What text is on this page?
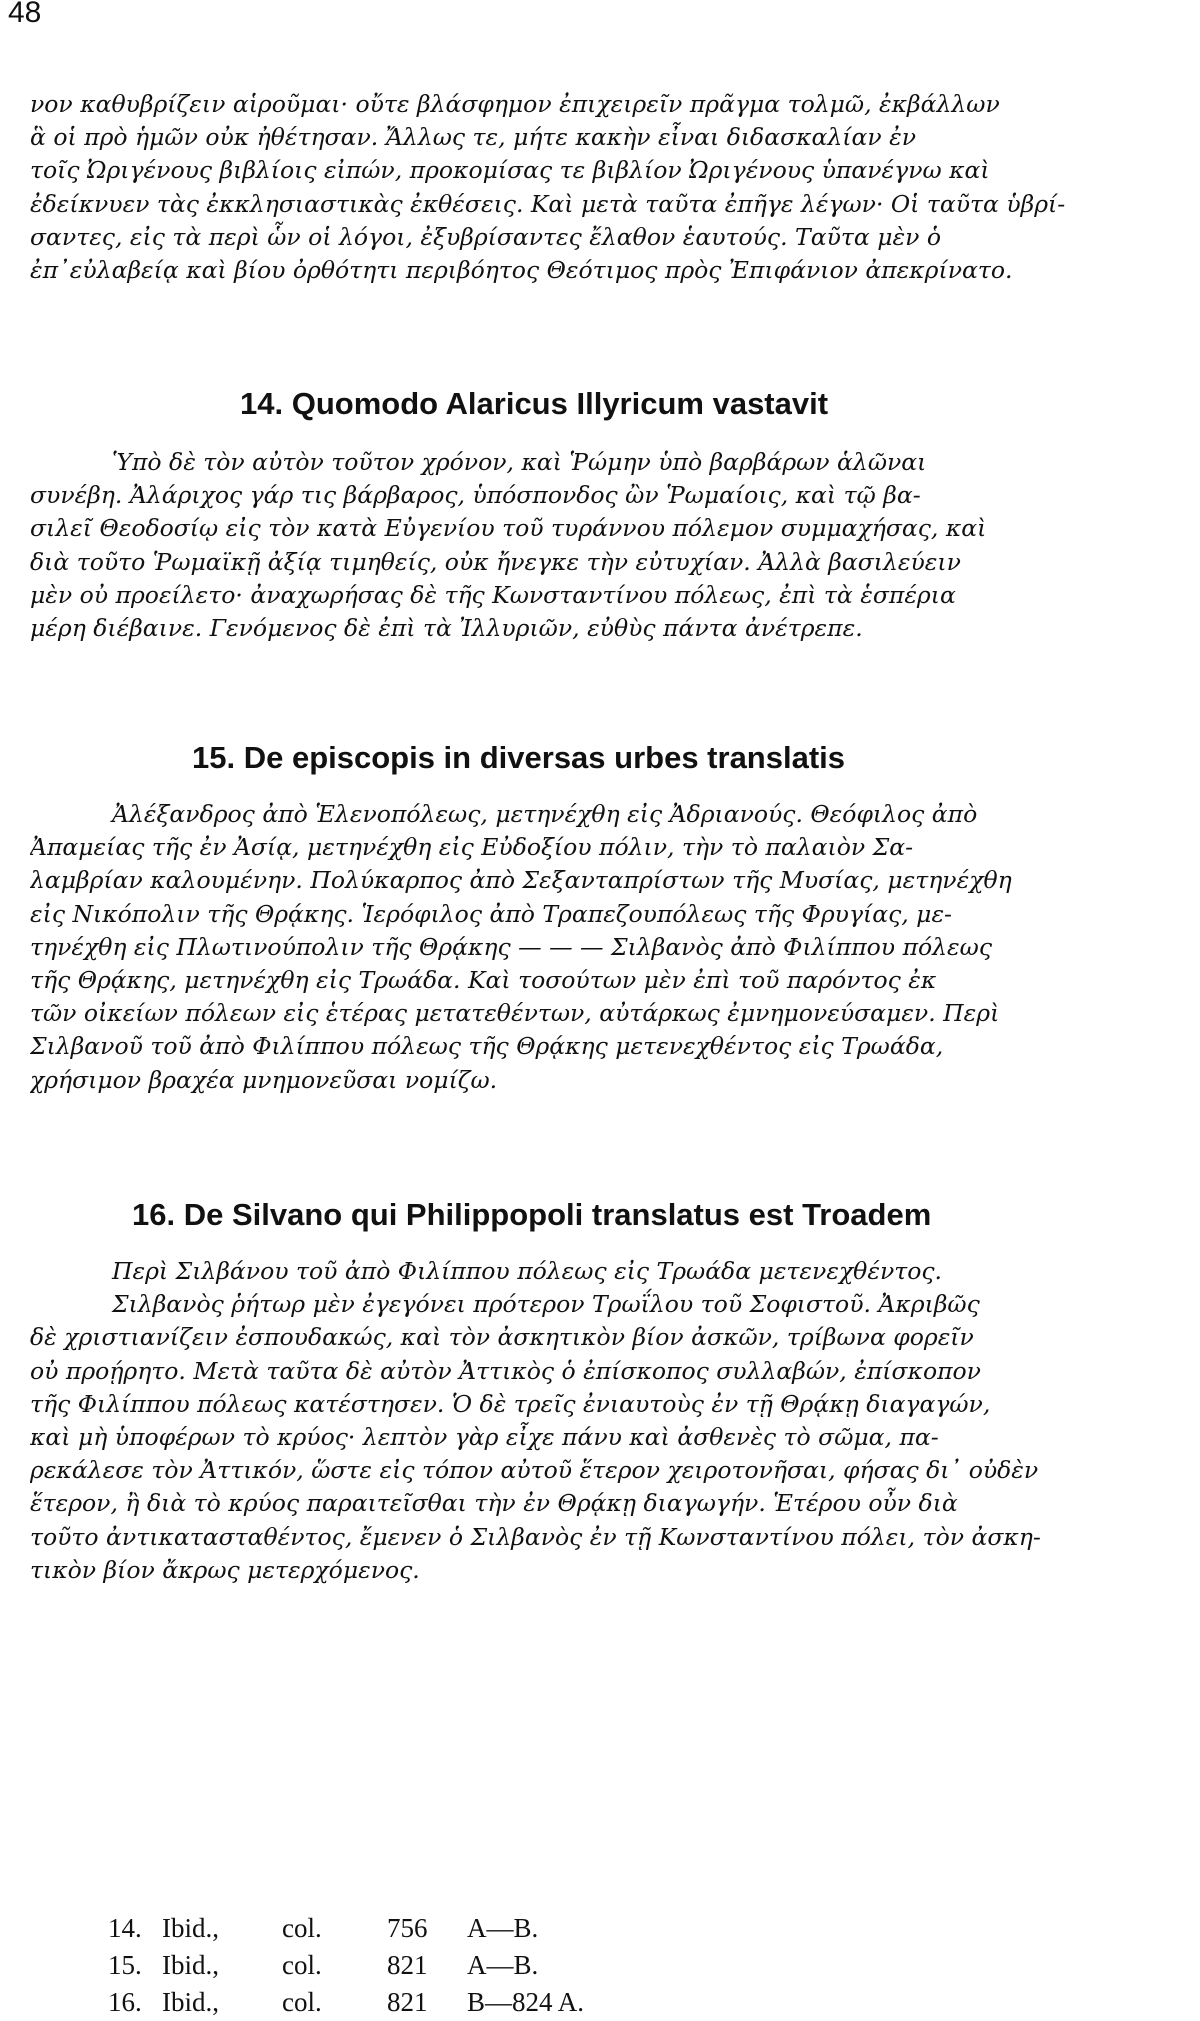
48
νον καθυβρίζειν αἱροῦμαι· οὔτε βλάσφημον ἐπιχειρεῖν πρᾶγμα τολμῶ, ἐκβάλλων
ἃ οἱ πρὸ ἡμῶν οὐκ ἠθέτησαν. Ἄλλως τε, μήτε κακὴν εἶναι διδασκαλίαν ἐν
τοῖς Ὠριγένους βιβλίοις εἰπών, προκομίσας τε βιβλίον Ὠριγένους ὑπανέγνω καὶ
ἐδείκνυεν τὰς ἐκκλησιαστικὰς ἐκθέσεις. Καὶ μετὰ ταῦτα ἐπῆγε λέγων· Οἱ ταῦτα ὑβρί-
σαντες, εἰς τὰ περὶ ὧν οἱ λόγοι, ἐξυβρίσαντες ἔλαθον ἑαυτούς. Ταῦτα μὲν ὁ
ἐπ᾿εὐλαβείᾳ καὶ βίου ὀρθότητι περιβόητος Θεότιμος πρὸς Ἐπιφάνιον ἀπεκρίνατο.
14. Quomodo Alaricus Illyricum vastavit
Ὑπὸ δὲ τὸν αὐτὸν τοῦτον χρόνον, καὶ Ῥώμην ὑπὸ βαρβάρων ἁλῶναι
συνέβη. Ἀλάριχος γάρ τις βάρβαρος, ὑπόσπονδος ὢν Ῥωμαίοις, καὶ τῷ βα-
σιλεῖ Θεοδοσίῳ εἰς τὸν κατὰ Εὐγενίου τοῦ τυράννου πόλεμον συμμαχήσας, καὶ
διὰ τοῦτο Ῥωμαϊκῇ ἀξίᾳ τιμηθείς, οὐκ ἤνεγκε τὴν εὐτυχίαν. Ἀλλὰ βασιλεύειν
μὲν οὐ προείλετο· ἀναχωρήσας δὲ τῆς Κωνσταντίνου πόλεως, ἐπὶ τὰ ἑσπέρια
μέρη διέβαινε. Γενόμενος δὲ ἐπὶ τὰ Ἰλλυριῶν, εὐθὺς πάντα ἀνέτρεπε.
15. De episcopis in diversas urbes translatis
Ἀλέξανδρος ἀπὸ Ἑλενοπόλεως, μετηνέχθη εἰς Ἀδριανούς. Θεόφιλος ἀπὸ
Ἀπαμείας τῆς ἐν Ἀσίᾳ, μετηνέχθη εἰς Εὐδοξίου πόλιν, τὴν τὸ παλαιὸν Σα-
λαμβρίαν καλουμένην. Πολύκαρπος ἀπὸ Σεξανταπρίστων τῆς Μυσίας, μετηνέχθη
εἰς Νικόπολιν τῆς Θρᾴκης. Ἱερόφιλος ἀπὸ Τραπεζουπόλεως τῆς Φρυγίας, με-
τηνέχθη εἰς Πλωτινούπολιν τῆς Θρᾴκης — — — Σιλβανὸς ἀπὸ Φιλίππου πόλεως
τῆς Θρᾴκης, μετηνέχθη εἰς Τρωάδα. Καὶ τοσούτων μὲν ἐπὶ τοῦ παρόντος ἐκ
τῶν οἰκείων πόλεων εἰς ἑτέρας μετατεθέντων, αὐτάρκως ἐμνημονεύσαμεν. Περὶ
Σιλβανοῦ τοῦ ἀπὸ Φιλίππου πόλεως τῆς Θρᾴκης μετενεχθέντος εἰς Τρωάδα,
χρήσιμον βραχέα μνημονεῦσαι νομίζω.
16. De Silvano qui Philippopoli translatus est Troadem
Περὶ Σιλβάνου τοῦ ἀπὸ Φιλίππου πόλεως εἰς Τρωάδα μετενεχθέντος.
Σιλβανὸς ῥήτωρ μὲν ἐγεγόνει πρότερον Τρωΐλου τοῦ Σοφιστοῦ. Ἀκριβῶς
δὲ χριστιανίζειν ἐσπουδακώς, καὶ τὸν ἀσκητικὸν βίον ἀσκῶν, τρίβωνα φορεῖν
οὐ προῄρητο. Μετὰ ταῦτα δὲ αὐτὸν Ἀττικὸς ὁ ἐπίσκοπος συλλαβών, ἐπίσκοπον
τῆς Φιλίππου πόλεως κατέστησεν. Ὁ δὲ τρεῖς ἐνιαυτοὺς ἐν τῇ Θρᾴκῃ διαγαγών,
καὶ μὴ ὑποφέρων τὸ κρύος· λεπτὸν γὰρ εἶχε πάνυ καὶ ἀσθενὲς τὸ σῶμα, πα-
ρεκάλεσε τὸν Ἀττικόν, ὥστε εἰς τόπον αὐτοῦ ἕτερον χειροτονῆσαι, φήσας δι᾿ οὐδὲν
ἕτερον, ἢ διὰ τὸ κρύος παραιτεῖσθαι τὴν ἐν Θρᾴκῃ διαγωγήν. Ἑτέρου οὖν διὰ
τοῦτο ἀντικατασταθέντος, ἔμενεν ὁ Σιλβανὸς ἐν τῇ Κωνσταντίνου πόλει, τὸν ἀσκη-
τικὸν βίον ἄκρως μετερχόμενος.
14. Ibid.,	col.	756	A—B.
15. Ibid.,	col.	821	A—B.
16. Ibid.,	col.	821	B—824 A.
